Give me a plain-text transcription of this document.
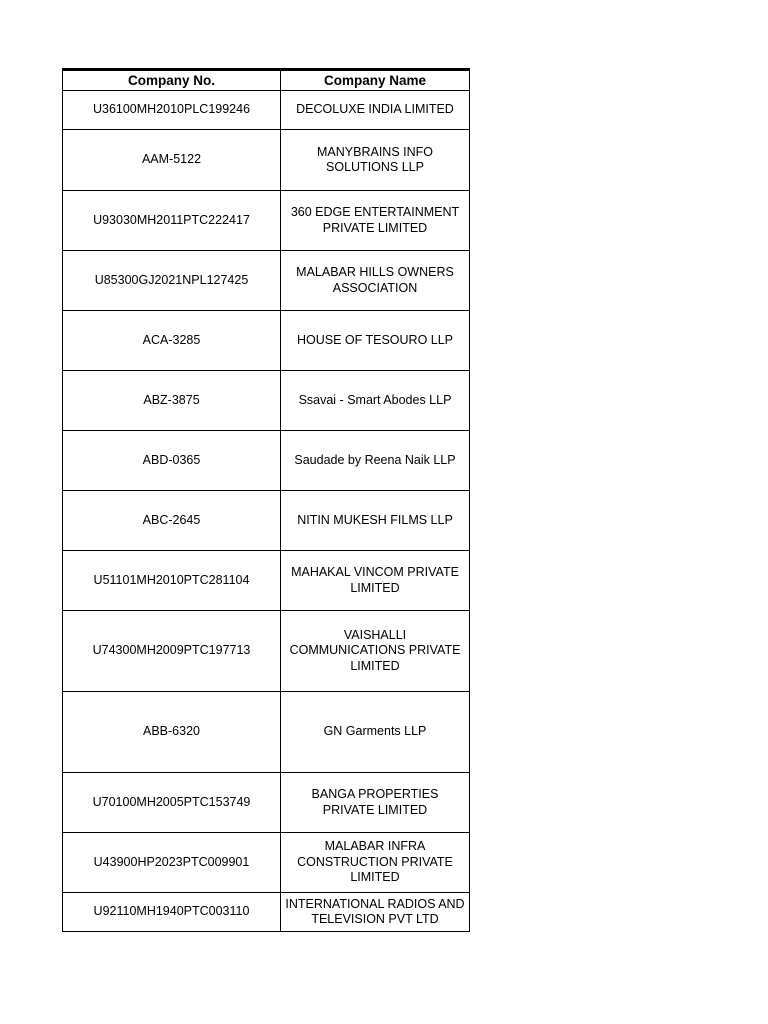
Company No.	Company Name
U36100MH2010PLC199246	DECOLUXE INDIA LIMITED
AAM-5122	MANYBRAINS INFO SOLUTIONS LLP
U93030MH2011PTC222417	360 EDGE ENTERTAINMENT PRIVATE LIMITED
U85300GJ2021NPL127425	MALABAR HILLS OWNERS ASSOCIATION
ACA-3285	HOUSE OF TESOURO LLP
ABZ-3875	Ssavai - Smart Abodes LLP
ABD-0365	Saudade by Reena Naik LLP
ABC-2645	NITIN MUKESH FILMS LLP
U51101MH2010PTC281104	MAHAKAL VINCOM PRIVATE LIMITED
U74300MH2009PTC197713	VAISHALLI COMMUNICATIONS PRIVATE LIMITED
ABB-6320	GN Garments LLP
U70100MH2005PTC153749	BANGA PROPERTIES PRIVATE LIMITED
U43900HP2023PTC009901	MALABAR INFRA CONSTRUCTION PRIVATE LIMITED
U92110MH1940PTC003110	INTERNATIONAL RADIOS AND TELEVISION PVT LTD
